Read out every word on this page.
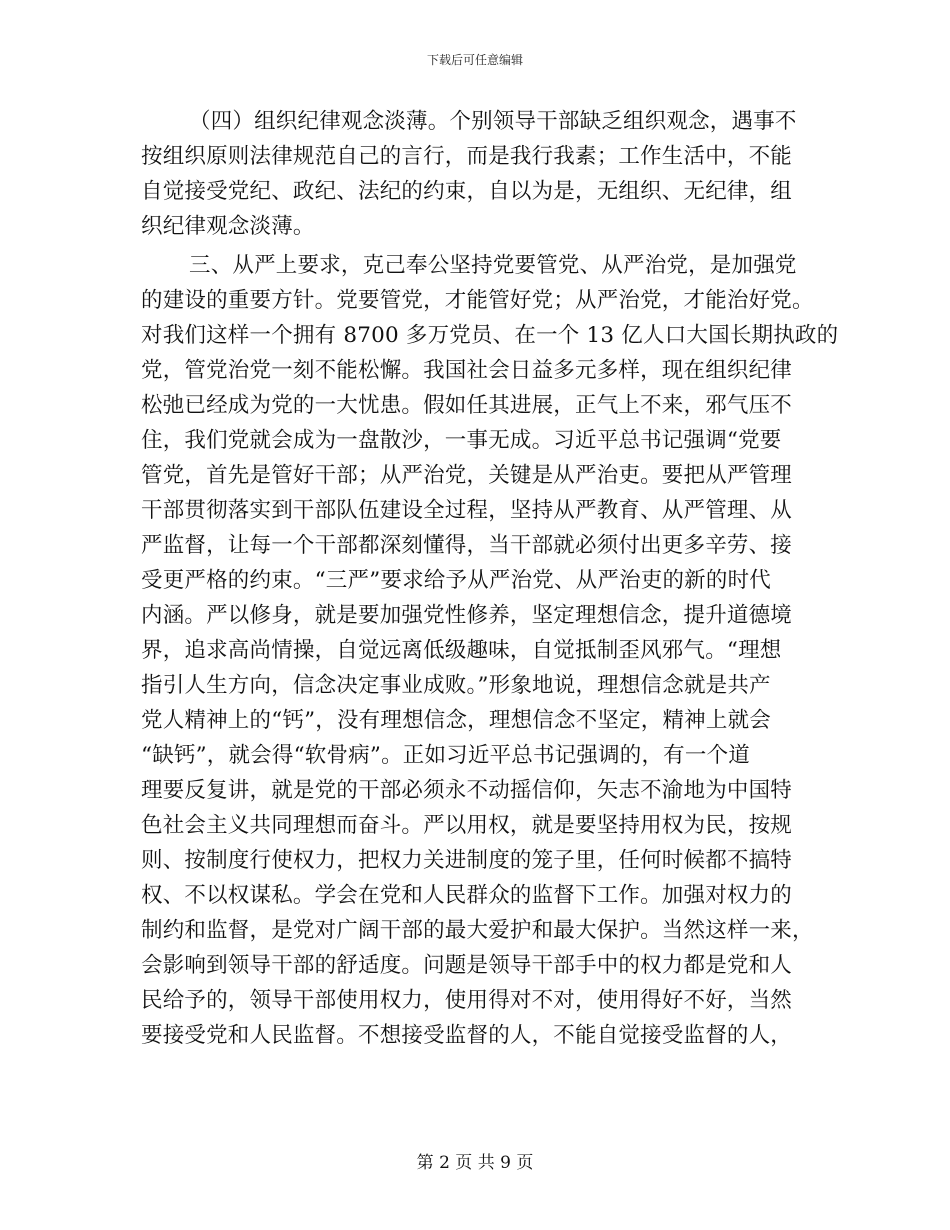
下载后可任意编辑
（四）组织纪律观念淡薄。个别领导干部缺乏组织观念，遇事不
按组织原则法律规范自己的言行，而是我行我素；工作生活中，不能
自觉接受党纪、政纪、法纪的约束，自以为是，无组织、无纪律，组
织纪律观念淡薄。
三、从严上要求，克己奉公坚持党要管党、从严治党，是加强党
的建设的重要方针。党要管党，才能管好党；从严治党，才能治好党。
对我们这样一个拥有 8700 多万党员、在一个 13 亿人口大国长期执政的
党，管党治党一刻不能松懈。我国社会日益多元多样，现在组织纪律
松弛已经成为党的一大忧患。假如任其进展，正气上不来，邪气压不
住，我们党就会成为一盘散沙，一事无成。习近平总书记强调“党要
管党，首先是管好干部；从严治党，关键是从严治吏。要把从严管理
干部贯彻落实到干部队伍建设全过程，坚持从严教育、从严管理、从
严监督，让每一个干部都深刻懂得，当干部就必须付出更多辛劳、接
受更严格的约束。“三严”要求给予从严治党、从严治吏的新的时代
内涵。严以修身，就是要加强党性修养，坚定理想信念，提升道德境
界，追求高尚情操，自觉远离低级趣味，自觉抵制歪风邪气。“理想
指引人生方向，信念决定事业成败。”形象地说，理想信念就是共产
党人精神上的“钙”，没有理想信念，理想信念不坚定，精神上就会
“缺钙”，就会得“软骨病”。正如习近平总书记强调的，有一个道
理要反复讲，就是党的干部必须永不动摇信仰，矢志不渝地为中国特
色社会主义共同理想而奋斗。严以用权，就是要坚持用权为民，按规
则、按制度行使权力，把权力关进制度的笼子里，任何时候都不搞特
权、不以权谋私。学会在党和人民群众的监督下工作。加强对权力的
制约和监督，是党对广阔干部的最大爱护和最大保护。当然这样一来，
会影响到领导干部的舒适度。问题是领导干部手中的权力都是党和人
民给予的，领导干部使用权力，使用得对不对，使用得好不好，当然
要接受党和人民监督。不想接受监督的人，不能自觉接受监督的人，
第 2 页 共 9 页
